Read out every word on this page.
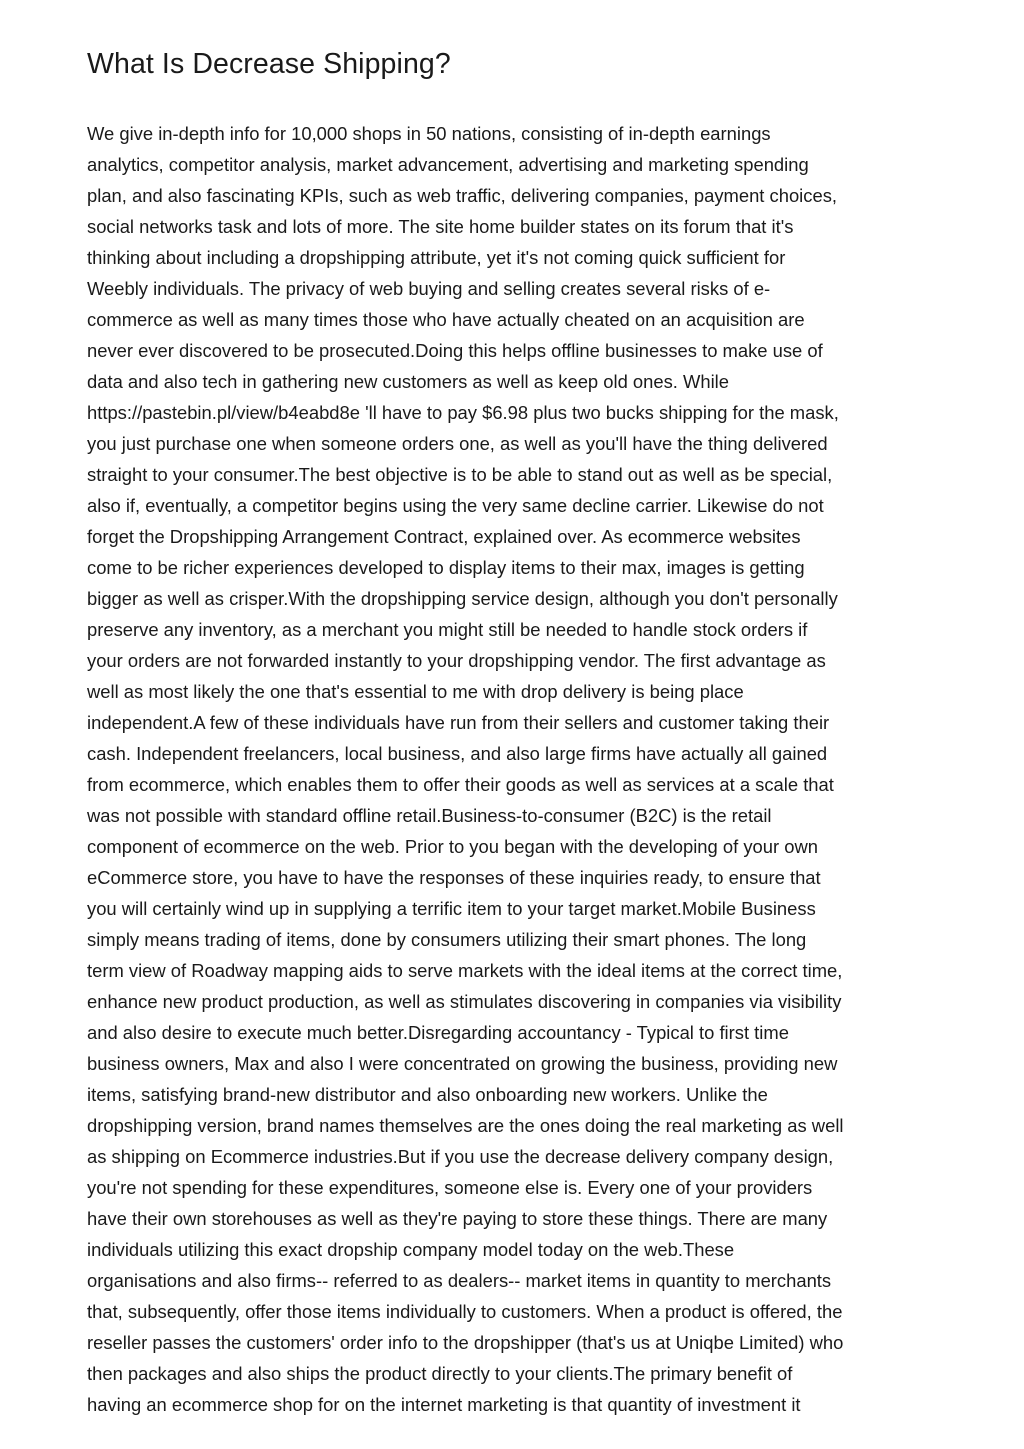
What Is Decrease Shipping?
We give in-depth info for 10,000 shops in 50 nations, consisting of in-depth earnings
analytics, competitor analysis, market advancement, advertising and marketing spending
plan, and also fascinating KPIs, such as web traffic, delivering companies, payment choices,
social networks task and lots of more. The site home builder states on its forum that it's
thinking about including a dropshipping attribute, yet it's not coming quick sufficient for
Weebly individuals. The privacy of web buying and selling creates several risks of e-
commerce as well as many times those who have actually cheated on an acquisition are
never ever discovered to be prosecuted.Doing this helps offline businesses to make use of
data and also tech in gathering new customers as well as keep old ones. While
https://pastebin.pl/view/b4eabd8e 'll have to pay $6.98 plus two bucks shipping for the mask,
you just purchase one when someone orders one, as well as you'll have the thing delivered
straight to your consumer.The best objective is to be able to stand out as well as be special,
also if, eventually, a competitor begins using the very same decline carrier. Likewise do not
forget the Dropshipping Arrangement Contract, explained over. As ecommerce websites
come to be richer experiences developed to display items to their max, images is getting
bigger as well as crisper.With the dropshipping service design, although you don't personally
preserve any inventory, as a merchant you might still be needed to handle stock orders if
your orders are not forwarded instantly to your dropshipping vendor. The first advantage as
well as most likely the one that's essential to me with drop delivery is being place
independent.A few of these individuals have run from their sellers and customer taking their
cash. Independent freelancers, local business, and also large firms have actually all gained
from ecommerce, which enables them to offer their goods as well as services at a scale that
was not possible with standard offline retail.Business-to-consumer (B2C) is the retail
component of ecommerce on the web. Prior to you began with the developing of your own
eCommerce store, you have to have the responses of these inquiries ready, to ensure that
you will certainly wind up in supplying a terrific item to your target market.Mobile Business
simply means trading of items, done by consumers utilizing their smart phones. The long
term view of Roadway mapping aids to serve markets with the ideal items at the correct time,
enhance new product production, as well as stimulates discovering in companies via visibility
and also desire to execute much better.Disregarding accountancy - Typical to first time
business owners, Max and also I were concentrated on growing the business, providing new
items, satisfying brand-new distributor and also onboarding new workers. Unlike the
dropshipping version, brand names themselves are the ones doing the real marketing as well
as shipping on Ecommerce industries.But if you use the decrease delivery company design,
you're not spending for these expenditures, someone else is. Every one of your providers
have their own storehouses as well as they're paying to store these things. There are many
individuals utilizing this exact dropship company model today on the web.These
organisations and also firms-- referred to as dealers-- market items in quantity to merchants
that, subsequently, offer those items individually to customers. When a product is offered, the
reseller passes the customers' order info to the dropshipper (that's us at Uniqbe Limited) who
then packages and also ships the product directly to your clients.The primary benefit of
having an ecommerce shop for on the internet marketing is that quantity of investment it
